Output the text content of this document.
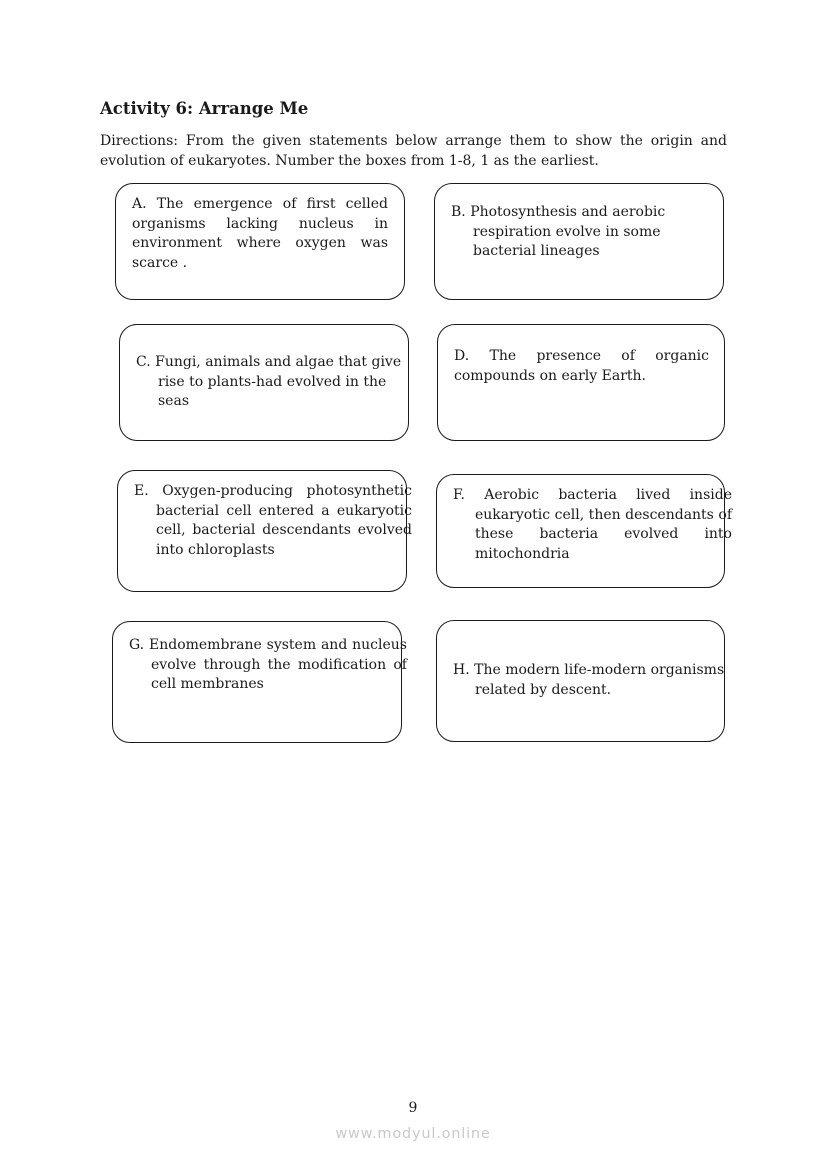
Activity 6: Arrange Me

Directions: From the given statements below arrange them to show the origin and evolution of eukaryotes. Number the boxes from 1-8, 1 as the earliest.

A. The emergence of first celled organisms lacking nucleus in environment where oxygen was scarce .

B. Photosynthesis and aerobic respiration evolve in some bacterial lineages

C. Fungi, animals and algae that give rise to plants-had evolved in the seas

D. The presence of organic compounds on early Earth.

E. Oxygen-producing photosynthetic bacterial cell entered a eukaryotic cell, bacterial descendants evolved into chloroplasts

F. Aerobic bacteria lived inside eukaryotic cell, then descendants of these bacteria evolved into mitochondria

G. Endomembrane system and nucleus evolve through the modification of cell membranes

H. The modern life-modern organisms related by descent.

9
www.modyul.online
